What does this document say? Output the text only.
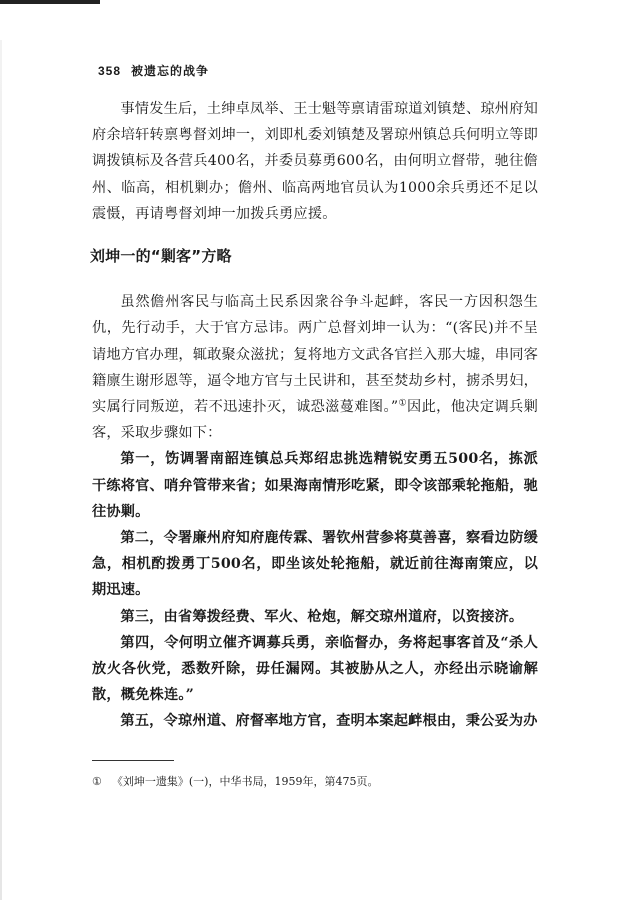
358 被遗忘的战争

事情发生后，土绅卓凤举、王士魁等禀请雷琼道刘镇楚、琼州府知府余培轩转禀粤督刘坤一，刘即札委刘镇楚及署琼州镇总兵何明立等即调拨镇标及各营兵400名，并委员募勇600名，由何明立督带，驰往儋州、临高，相机剿办；儋州、临高两地官员认为1000余兵勇还不足以震慑，再请粤督刘坤一加拨兵勇应援。

刘坤一的“剿客”方略

虽然儋州客民与临高土民系因衆谷争斗起衅，客民一方因积怨生仇，先行动手，大于官方忌讳。两广总督刘坤一认为：“(客民)并不呈请地方官办理，辄敢聚众滋扰；复将地方文武各官拦入那大墟，串同客籍廪生谢形恩等，逼令地方官与土民讲和，甚至焚劫乡村，掳杀男妇，实属行同叛逆，若不迅速扑灭，诚恐滋蔓难图。”①因此，他决定调兵剿客，采取步骤如下：

第一，饬调署南韶连镇总兵郑绍忠挑选精锐安勇五500名，拣派干练将官、哨弁管带来省；如果海南情形吃紧，即令该部乘轮拖船，驰往协剿。

第二，令署廉州府知府鹿传霖、署钦州营参将莫善喜，察看边防缓急，相机酌拨勇丁500名，即坐该处轮拖船，就近前往海南策应，以期迅速。

第三，由省筹拨经费、军火、枪炮，解交琼州道府，以资接济。

第四，令何明立催齐调募兵勇，亲临督办，务将起事客首及“杀人放火各伙党，悉数歼除，毋任漏网。其被胁从之人，亦经出示晓谕解散，概免株连。”

第五，令琼州道、府督率地方官，查明本案起衅根由，秉公妥为办

① 《刘坤一遗集》(一)，中华书局，1959年，第475页。
